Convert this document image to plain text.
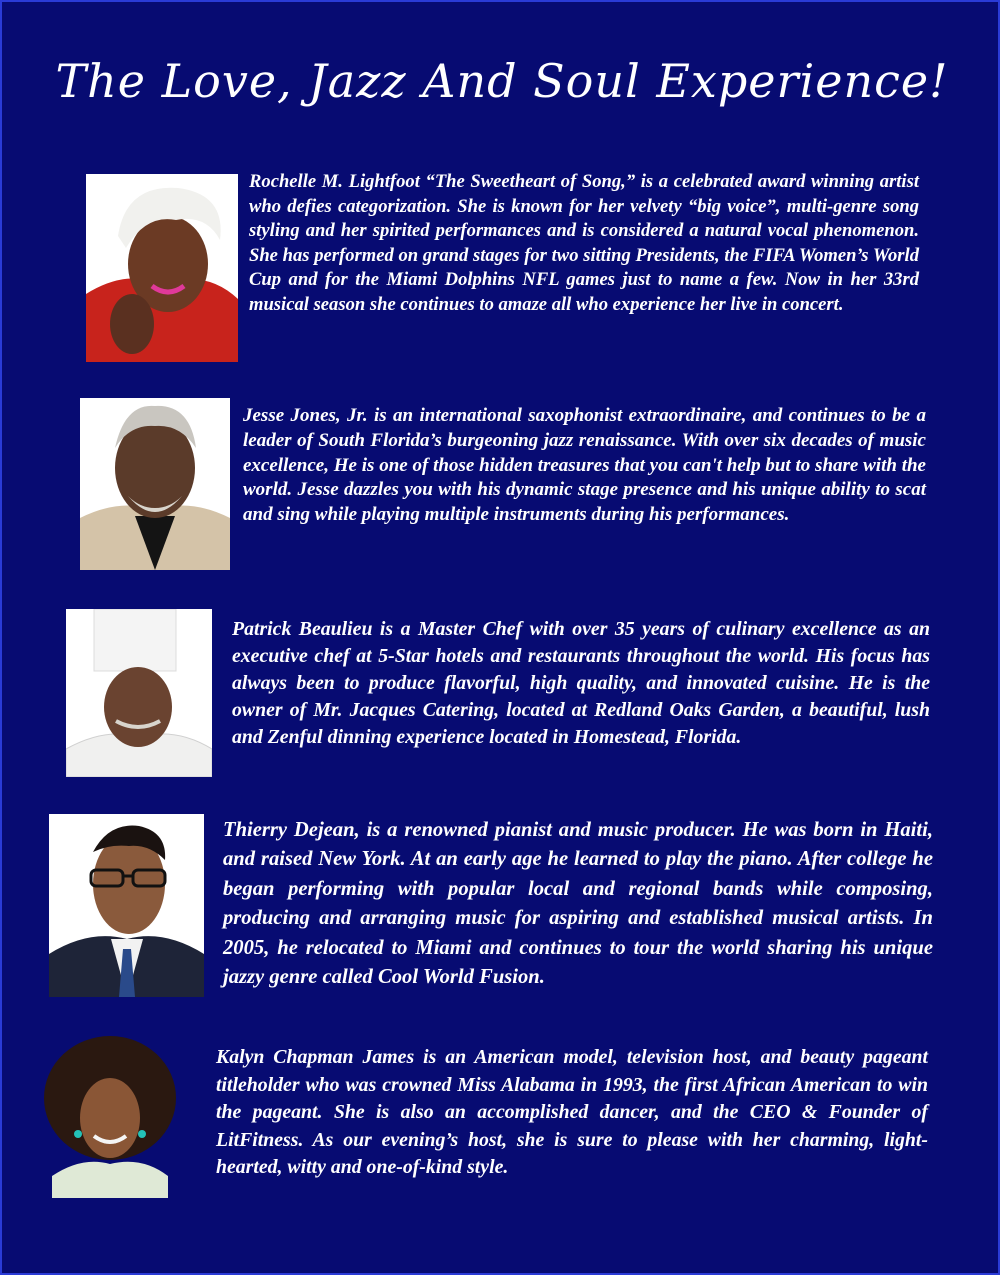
The Love, Jazz And Soul Experience!

Rochelle M. Lightfoot “The Sweetheart of Song,” is a celebrated award winning artist who defies categorization. She is known for her velvety “big voice”, multi-genre song styling and her spirited performances and is considered a natural vocal phenomenon. She has performed on grand stages for two sitting Presidents, the FIFA Women’s World Cup and for the Miami Dolphins NFL games just to name a few. Now in her 33rd musical season she continues to amaze all who experience her live in concert.

Jesse Jones, Jr. is an international saxophonist extraordinaire, and continues to be a leader of South Florida’s burgeoning jazz renaissance. With over six decades of music excellence, He is one of those hidden treasures that you can't help but to share with the world. Jesse dazzles you with his dynamic stage presence and his unique ability to scat and sing while playing multiple instruments during his performances.

Patrick Beaulieu is a Master Chef with over 35 years of culinary excellence as an executive chef at 5-Star hotels and restaurants throughout the world. His focus has always been to produce flavorful, high quality, and innovated cuisine. He is the owner of Mr. Jacques Catering, located at Redland Oaks Garden, a beautiful, lush and Zenful dinning experience located in Homestead, Florida.

Thierry Dejean, is a renowned pianist and music producer. He was born in Haiti, and raised New York. At an early age he learned to play the piano. After college he began performing with popular local and regional bands while composing, producing and arranging music for aspiring and established musical artists. In 2005, he relocated to Miami and continues to tour the world sharing his unique jazzy genre called Cool World Fusion.

Kalyn Chapman James is an American model, television host, and beauty pageant titleholder who was crowned Miss Alabama in 1993, the first African American to win the pageant. She is also an accomplished dancer, and the CEO & Founder of LitFitness. As our evening’s host, she is sure to please with her charming, light-hearted, witty and one-of-kind style.
